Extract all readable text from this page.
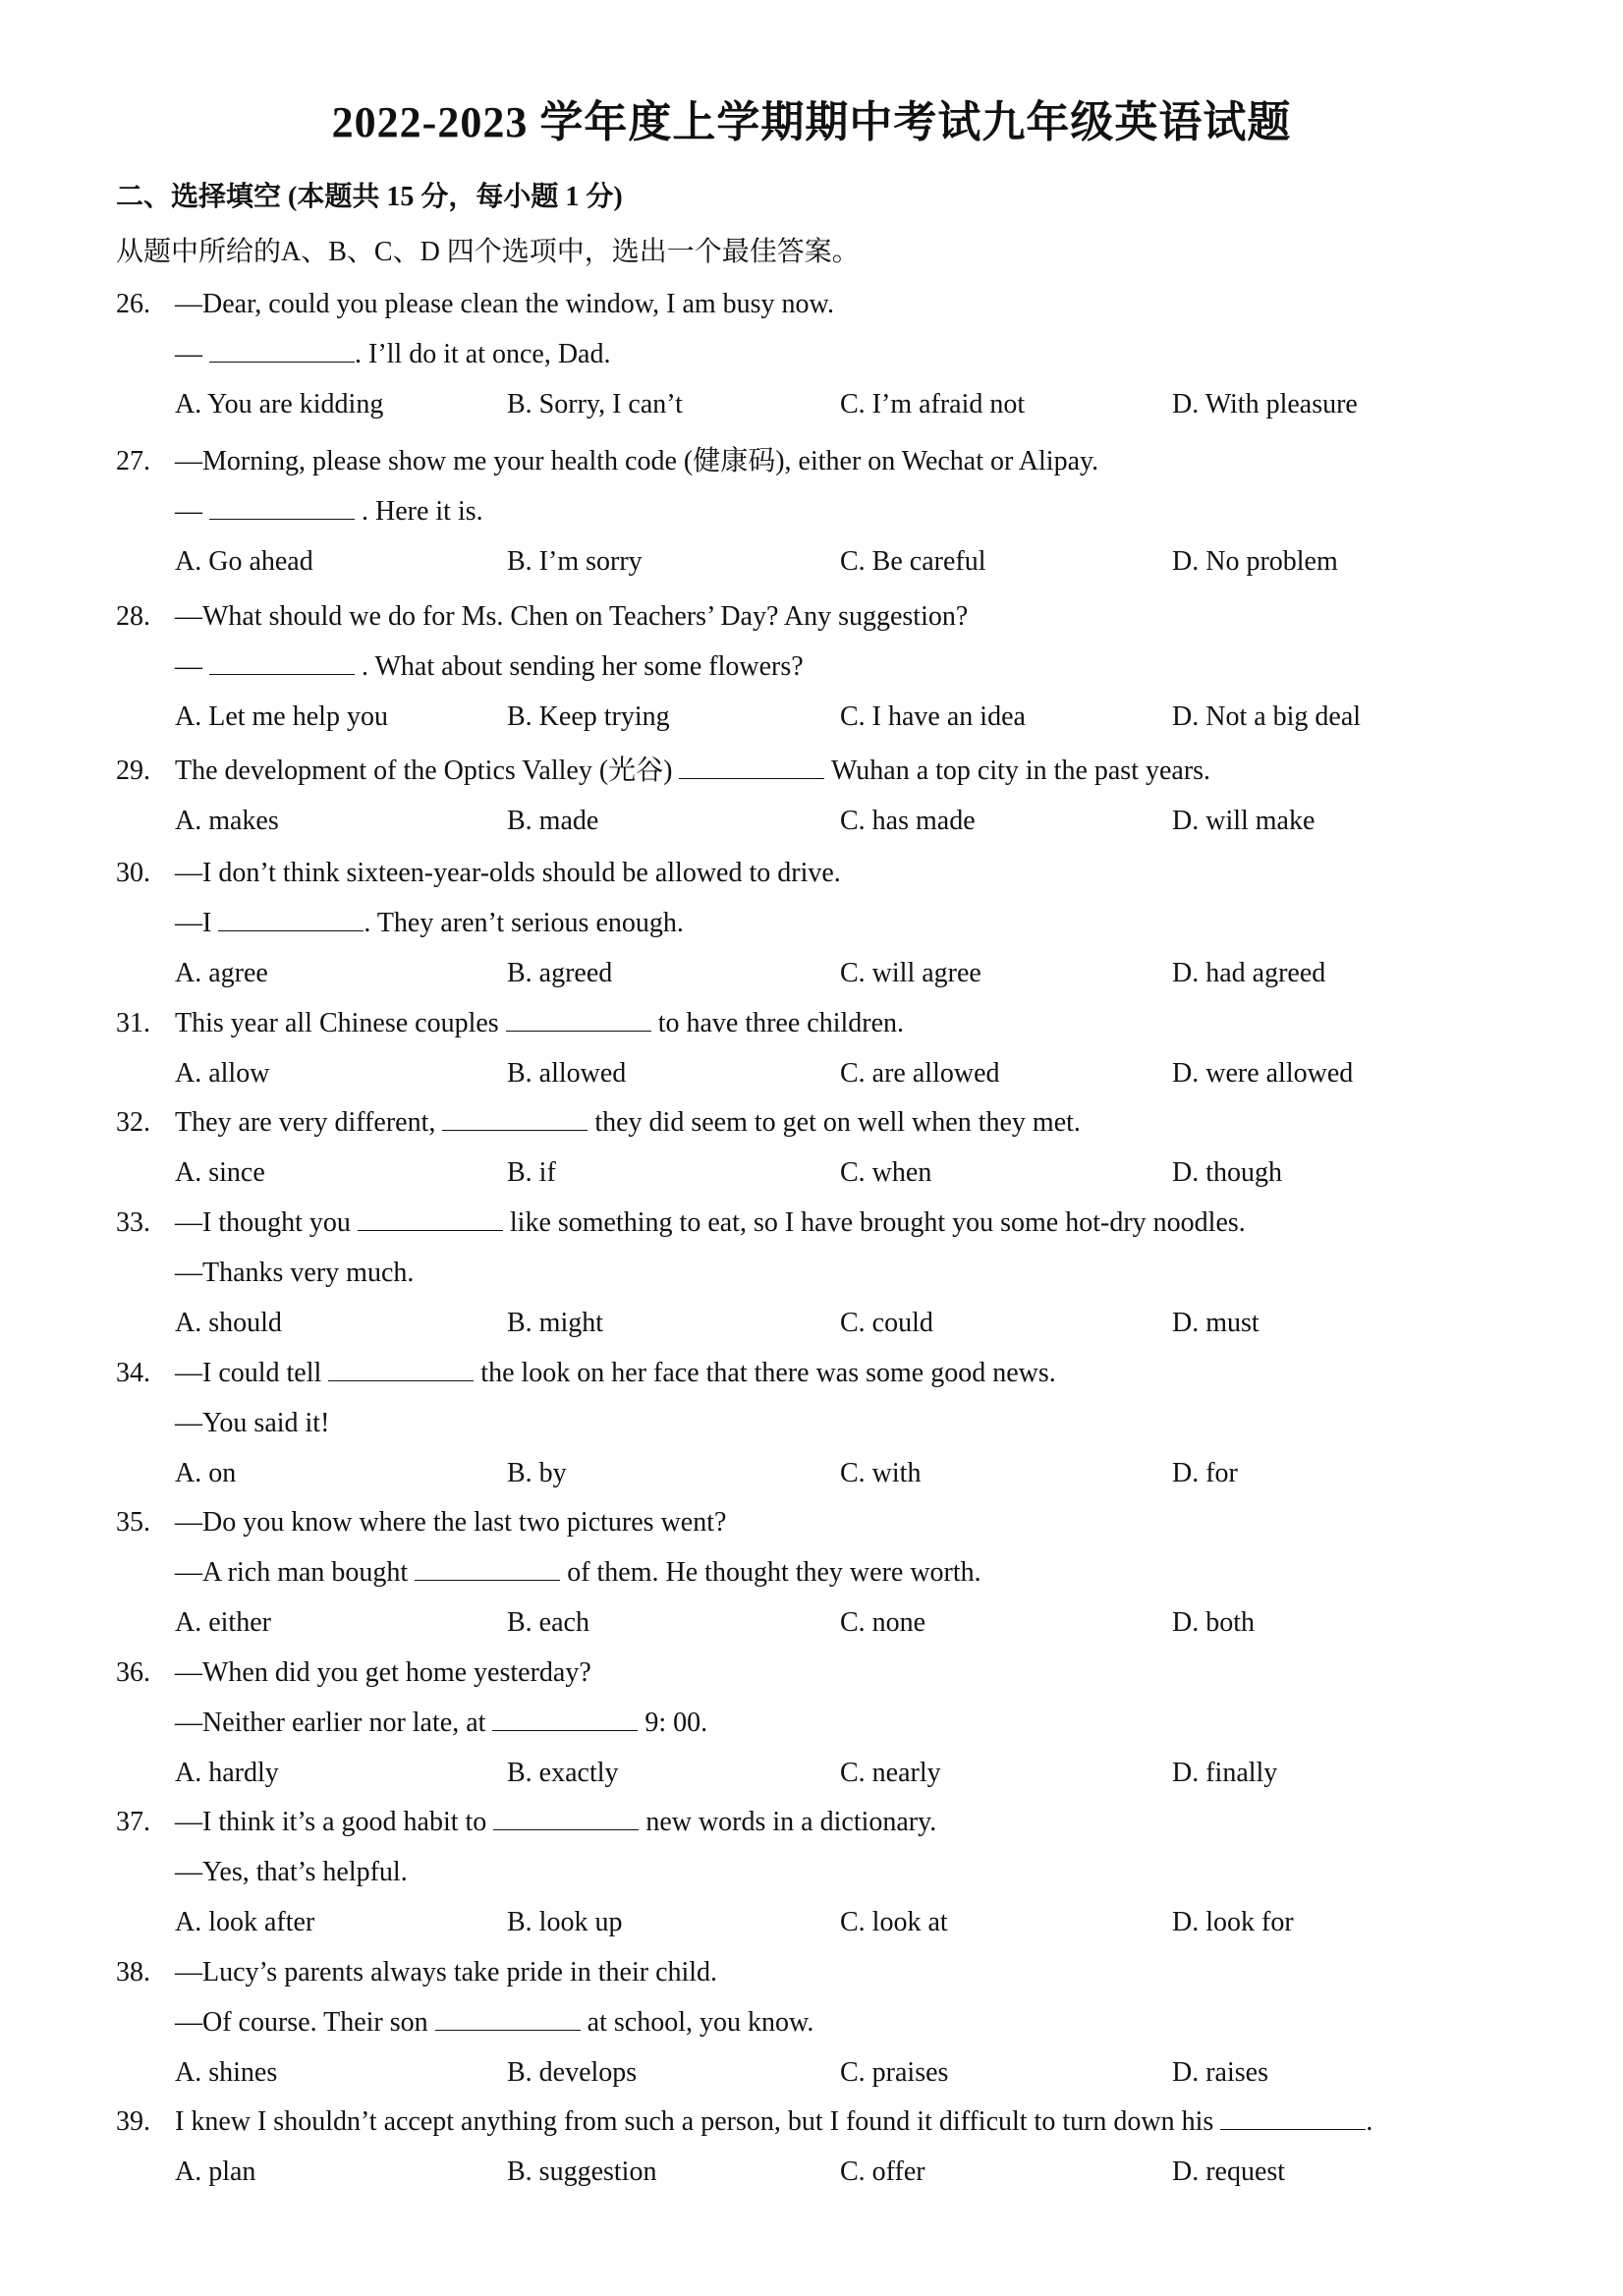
2022-2023 学年度上学期期中考试九年级英语试题
二、选择填空 (本题共 15 分，每小题 1 分)
从题中所给的A、B、C、D 四个选项中，选出一个最佳答案。
26. —Dear, could you please clean the window, I am busy now.
—	. I’ll do it at once, Dad.
A. You are kidding	B. Sorry, I can’t	C. I’m afraid not	D. With pleasure
27. —Morning, please show me your health code (健康码), either on Wechat or Alipay.
—	. Here it is.
A. Go ahead	B. I’m sorry	C. Be careful	D. No problem
28. —What should we do for Ms. Chen on Teachers’ Day? Any suggestion?
—	. What about sending her some flowers?
A. Let me help you	B. Keep trying	C. I have an idea	D. Not a big deal
29. The development of the Optics Valley (光谷)	Wuhan a top city in the past years.
A. makes	B. made	C. has made	D. will make
30. —I don’t think sixteen-year-olds should be allowed to drive.
—I	. They aren’t serious enough.
A. agree	B. agreed	C. will agree	D. had agreed
31. This year all Chinese couples	to have three children.
A. allow	B. allowed	C. are allowed	D. were allowed
32. They are very different,	they did seem to get on well when they met.
A. since	B. if	C. when	D. though
33. —I thought you	like something to eat, so I have brought you some hot-dry noodles.
—Thanks very much.
A. should	B. might	C. could	D. must
34. —I could tell	the look on her face that there was some good news.
—You said it!
A. on	B. by	C. with	D. for
35. —Do you know where the last two pictures went?
—A rich man bought	of them. He thought they were worth.
A. either	B. each	C. none	D. both
36. —When did you get home yesterday?
—Neither earlier nor late, at	9: 00.
A. hardly	B. exactly	C. nearly	D. finally
37. —I think it’s a good habit to	new words in a dictionary.
—Yes, that’s helpful.
A. look after	B. look up	C. look at	D. look for
38. —Lucy’s parents always take pride in their child.
—Of course. Their son	at school, you know.
A. shines	B. develops	C. praises	D. raises
39. I knew I shouldn’t accept anything from such a person, but I found it difficult to turn down his	.
A. plan	B. suggestion	C. offer	D. request
